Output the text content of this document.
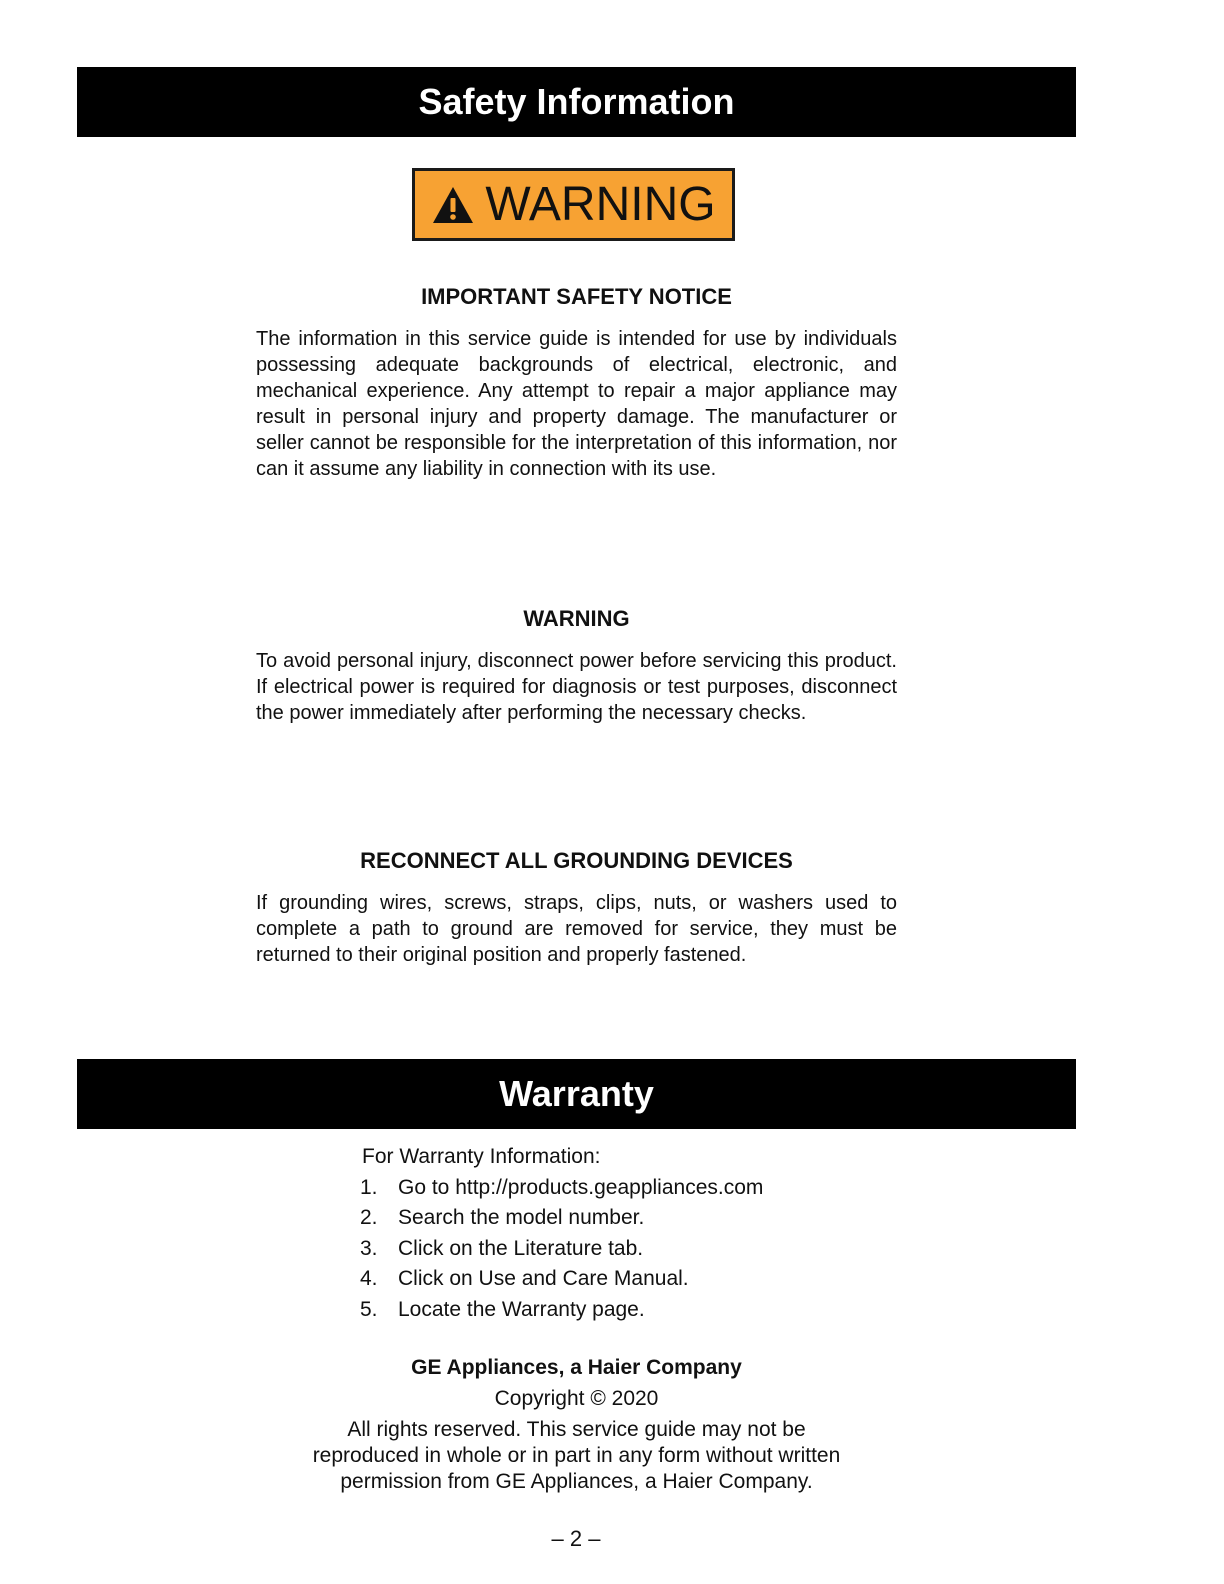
Safety Information
WARNING
IMPORTANT SAFETY NOTICE
The information in this service guide is intended for use by individuals possessing adequate backgrounds of electrical, electronic, and mechanical experience. Any attempt to repair a major appliance may result in personal injury and property damage. The manufacturer or seller cannot be responsible for the interpretation of this information, nor can it assume any liability in connection with its use.
WARNING
To avoid personal injury, disconnect power before servicing this product. If electrical power is required for diagnosis or test purposes, disconnect the power immediately after performing the necessary checks.
RECONNECT ALL GROUNDING DEVICES
If grounding wires, screws, straps, clips, nuts, or washers used to complete a path to ground are removed for service, they must be returned to their original position and properly fastened.
Warranty
For Warranty Information:
1. Go to http://products.geappliances.com
2. Search the model number.
3. Click on the Literature tab.
4. Click on Use and Care Manual.
5. Locate the Warranty page.
GE Appliances, a Haier Company
Copyright © 2020
All rights reserved. This service guide may not be
reproduced in whole or in part in any form without written
permission from GE Appliances, a Haier Company.
– 2 –
